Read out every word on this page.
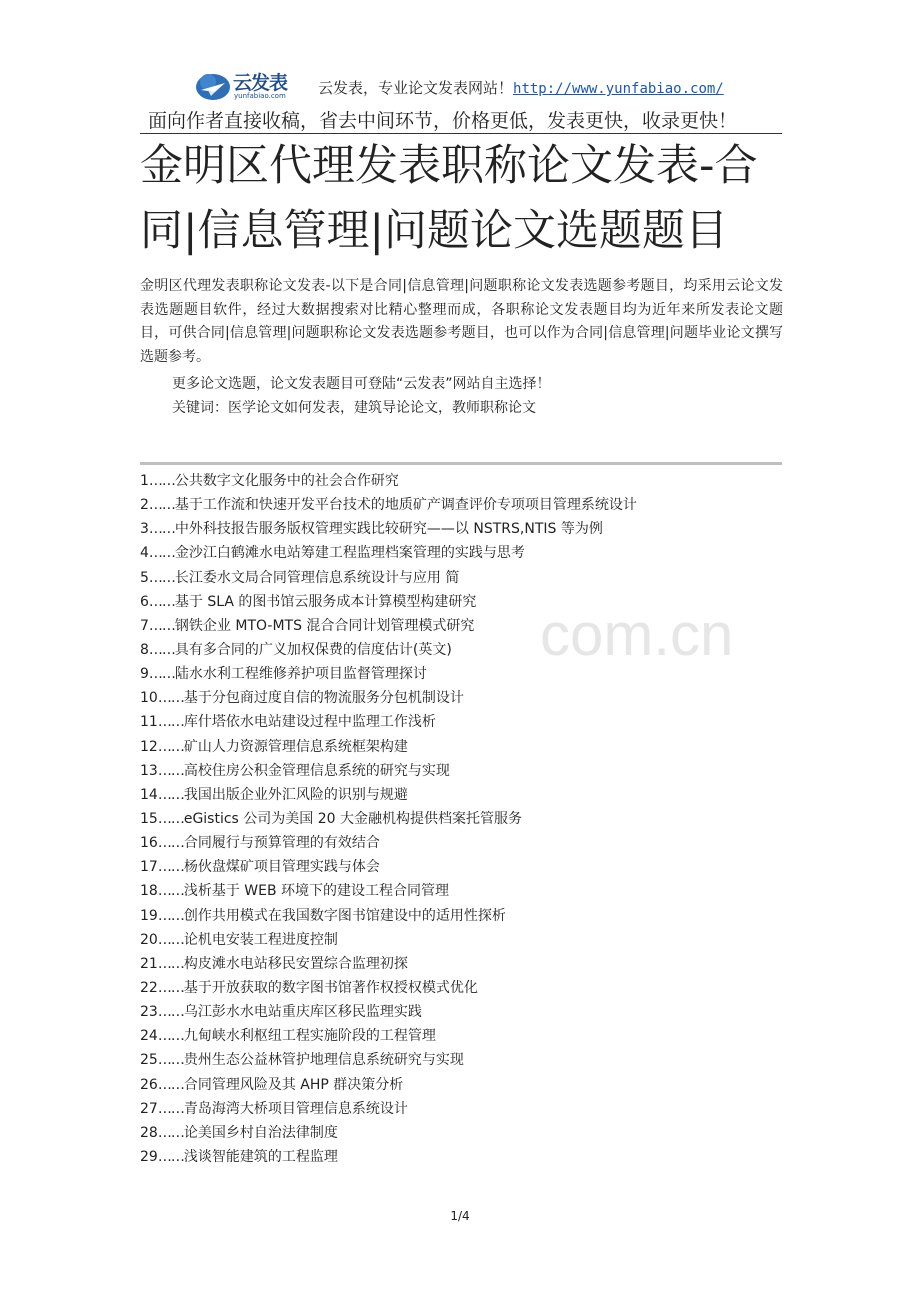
云发表
yunfabiao.com 云发表，专业论文发表网站！http://www.yunfabiao.com/
面向作者直接收稿，省去中间环节，价格更低，发表更快，收录更快！
金明区代理发表职称论文发表-合同|信息管理|问题论文选题题目
金明区代理发表职称论文发表-以下是合同|信息管理|问题职称论文发表选题参考题目，均采用云论文发表选题题目软件，经过大数据搜索对比精心整理而成，各职称论文发表题目均为近年来所发表论文题目，可供合同|信息管理|问题职称论文发表选题参考题目，也可以作为合同|信息管理|问题毕业论文撰写选题参考。
更多论文选题，论文发表题目可登陆“云发表”网站自主选择！
关键词：医学论文如何发表，建筑导论论文，教师职称论文
com.cn
1……公共数字文化服务中的社会合作研究
2……基于工作流和快速开发平台技术的地质矿产调查评价专项项目管理系统设计
3……中外科技报告服务版权管理实践比较研究——以 NSTRS,NTIS 等为例
4……金沙江白鹤滩水电站筹建工程监理档案管理的实践与思考
5……长江委水文局合同管理信息系统设计与应用 简
6……基于 SLA 的图书馆云服务成本计算模型构建研究
7……钢铁企业 MTO-MTS 混合合同计划管理模式研究
8……具有多合同的广义加权保费的信度估计(英文)
9……陆水水利工程维修养护项目监督管理探讨
10……基于分包商过度自信的物流服务分包机制设计
11……库什塔依水电站建设过程中监理工作浅析
12……矿山人力资源管理信息系统框架构建
13……高校住房公积金管理信息系统的研究与实现
14……我国出版企业外汇风险的识别与规避
15……eGistics 公司为美国 20 大金融机构提供档案托管服务
16……合同履行与预算管理的有效结合
17……杨伙盘煤矿项目管理实践与体会
18……浅析基于 WEB 环境下的建设工程合同管理
19……创作共用模式在我国数字图书馆建设中的适用性探析
20……论机电安装工程进度控制
21……构皮滩水电站移民安置综合监理初探
22……基于开放获取的数字图书馆著作权授权模式优化
23……乌江彭水水电站重庆库区移民监理实践
24……九甸峡水利枢纽工程实施阶段的工程管理
25……贵州生态公益林管护地理信息系统研究与实现
26……合同管理风险及其 AHP 群决策分析
27……青岛海湾大桥项目管理信息系统设计
28……论美国乡村自治法律制度
29……浅谈智能建筑的工程监理
1/4
